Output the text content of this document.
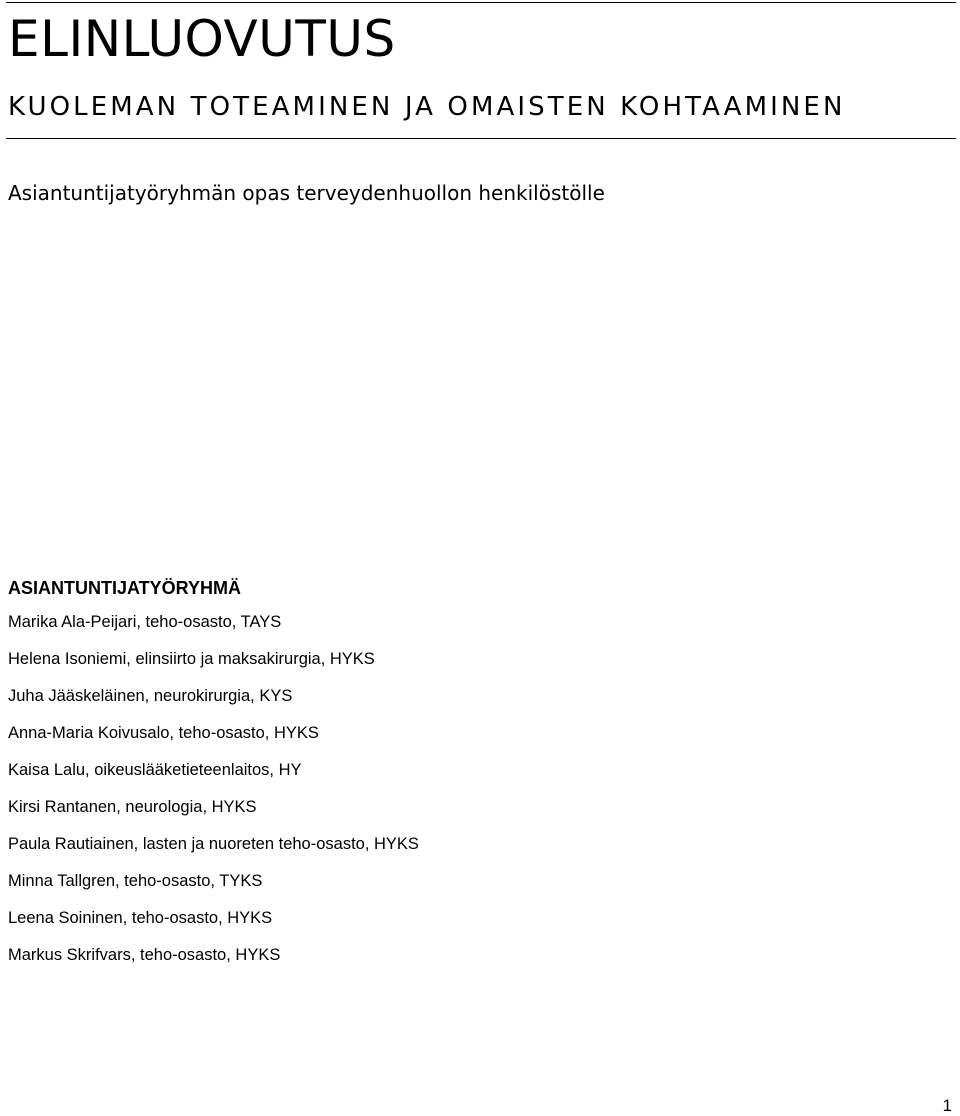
ELINLUOVUTUS
KUOLEMAN TOTEAMINEN JA OMAISTEN KOHTAAMINEN

Asiantuntijatyöryhmän opas terveydenhuollon henkilöstölle

ASIANTUNTIJATYÖRYHMÄ
Marika Ala-Peijari, teho-osasto, TAYS
Helena Isoniemi, elinsiirto ja maksakirurgia, HYKS
Juha Jääskeläinen, neurokirurgia, KYS
Anna-Maria Koivusalo, teho-osasto, HYKS
Kaisa Lalu, oikeuslääketieteenlaitos, HY
Kirsi Rantanen, neurologia, HYKS
Paula Rautiainen, lasten ja nuoreten teho-osasto, HYKS
Minna Tallgren, teho-osasto, TYKS
Leena Soininen, teho-osasto, HYKS
Markus Skrifvars, teho-osasto, HYKS
1
